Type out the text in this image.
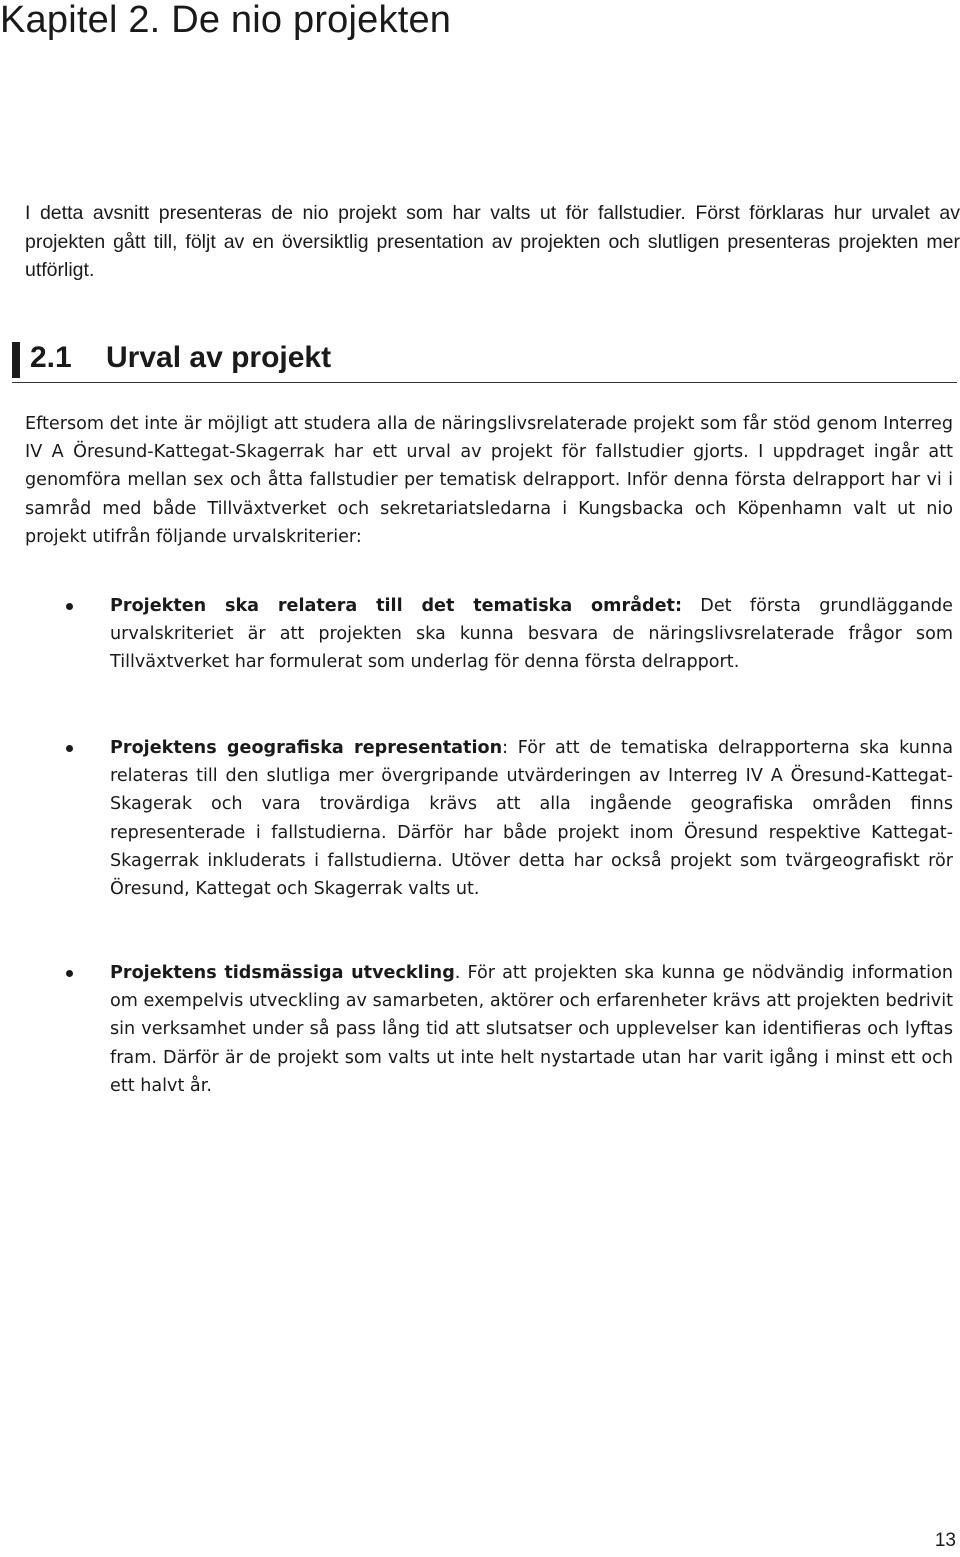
Kapitel 2. De nio projekten

I detta avsnitt presenteras de nio projekt som har valts ut för fallstudier. Först förklaras hur urvalet av projekten gått till, följt av en översiktlig presentation av projekten och slutligen presenteras projekten mer utförligt.

2.1 Urval av projekt

Eftersom det inte är möjligt att studera alla de näringslivsrelaterade projekt som får stöd genom Interreg IV A Öresund-Kattegat-Skagerrak har ett urval av projekt för fallstudier gjorts. I uppdraget ingår att genomföra mellan sex och åtta fallstudier per tematisk delrapport. Inför denna första delrapport har vi i samråd med både Tillväxtverket och sekretariatsledarna i Kungsbacka och Köpenhamn valt ut nio projekt utifrån följande urvalskriterier:

Projekten ska relatera till det tematiska området: Det första grundläggande urvalskriteriet är att projekten ska kunna besvara de näringslivsrelaterade frågor som Tillväxtverket har formulerat som underlag för denna första delrapport.

Projektens geografiska representation: För att de tematiska delrapporterna ska kunna relateras till den slutliga mer övergripande utvärderingen av Interreg IV A Öresund-Kattegat-Skagerak och vara trovärdiga krävs att alla ingående geografiska områden finns representerade i fallstudierna. Därför har både projekt inom Öresund respektive Kattegat-Skagerrak inkluderats i fallstudierna. Utöver detta har också projekt som tvärgeografiskt rör Öresund, Kattegat och Skagerrak valts ut.

Projektens tidsmässiga utveckling. För att projekten ska kunna ge nödvändig information om exempelvis utveckling av samarbeten, aktörer och erfarenheter krävs att projekten bedrivit sin verksamhet under så pass lång tid att slutsatser och upplevelser kan identifieras och lyftas fram. Därför är de projekt som valts ut inte helt nystartade utan har varit igång i minst ett och ett halvt år.

13
